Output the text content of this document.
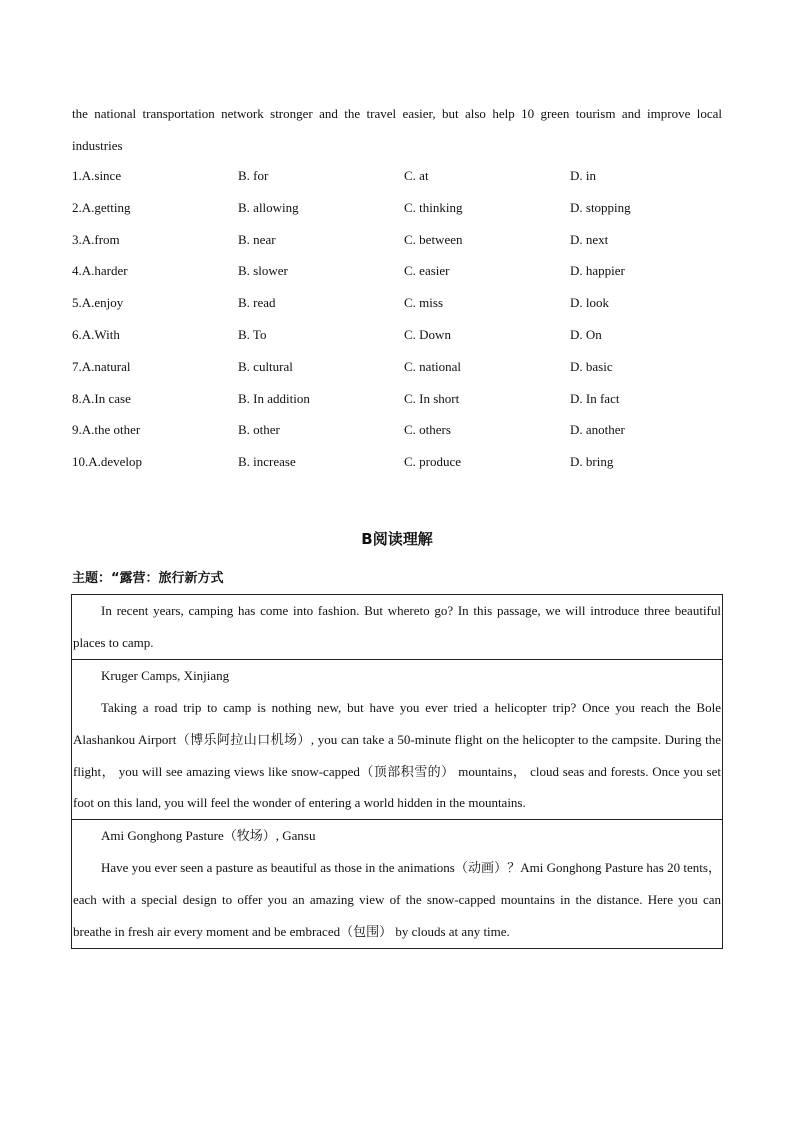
the national transportation network stronger and the travel easier, but also help 10 green tourism and improve local industries
1.A.since	B. for	C. at	D. in
2.A.getting	B. allowing	C. thinking	D. stopping
3.A.from	B. near	C. between	D. next
4.A.harder	B. slower	C. easier	D. happier
5.A.enjoy	B. read	C. miss	D. look
6.A.With	B. To	C. Down	D. On
7.A.natural	B. cultural	C. national	D. basic
8.A.In case	B. In addition	C. In short	D. In fact
9.A.the other	B. other	C. others	D. another
10.A.develop	B. increase	C. produce	D. bring
B阅读理解
主题：“露营：旅行新方式

In recent years, camping has come into fashion. But whereto go? In this passage, we will introduce three beautiful places to camp.

Kruger Camps, Xinjiang

Taking a road trip to camp is nothing new, but have you ever tried a helicopter trip? Once you reach the Bole Alashankou Airport（博乐阿拉山口机场）, you can take a 50-minute flight on the helicopter to the campsite. During the flight， you will see amazing views like snow-capped（顶部积雪的） mountains， cloud seas and forests. Once you set foot on this land, you will feel the wonder of entering a world hidden in the mountains.

Ami Gonghong Pasture（牧场）, Gansu

Have you ever seen a pasture as beautiful as those in the animations（动画）？Ami Gonghong Pasture has 20 tents， each with a special design to offer you an amazing view of the snow-capped mountains in the distance. Here you can breathe in fresh air every moment and be embraced（包围） by clouds at any time.
